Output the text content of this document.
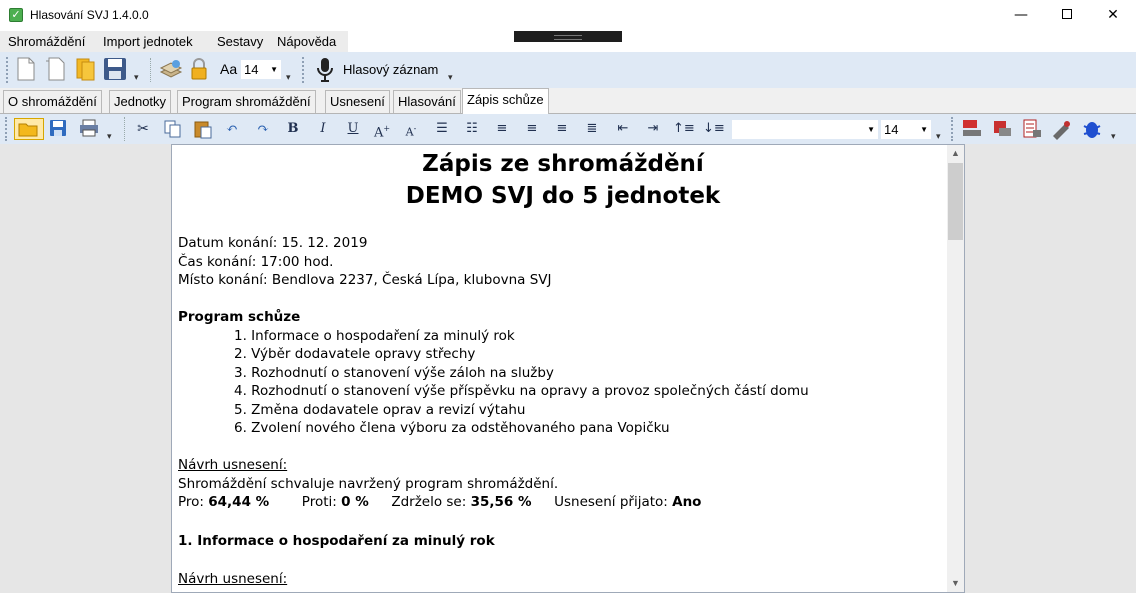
✓ Hlasování SVJ 1.4.0.0	—	✕
Shromáždění Import jednotek Sestavy Nápověda
▾	Aa 14 ▼
▾	Hlasový záznam ▾
O shromáždění	Jednotky	Program shromáždění	Usnesení	Hlasování Zápis schůze
▾ ✂	↶ ↷	B	I	U	A+	A-	☰	☷	≡	≡	≡	≣	⇤	⇥	↑≡ ↓≡	▼ 14	▼
▾	▾
Zápis ze shromáždění
DEMO SVJ do 5 jednotek
Datum konání: 15. 12. 2019
Čas konání: 17:00 hod.
Místo konání: Bendlova 2237, Česká Lípa, klubovna SVJ
Program schůze
1. Informace o hospodaření za minulý rok
2. Výběr dodavatele opravy střechy
3. Rozhodnutí o stanovení výše záloh na služby
4. Rozhodnutí o stanovení výše příspěvku na opravy a provoz společných částí domu
5. Změna dodavatele oprav a revizí výtahu
6. Zvolení nového člena výboru za odstěhovaného pana Vopičku
Návrh usnesení:
Shromáždění schvaluje navržený program shromáždění.
Pro: 64,44 % Proti: 0 % Zdrželo se: 35,56 % Usnesení přijato: Ano
1. Informace o hospodaření za minulý rok
Návrh usnesení:
▲
▼
